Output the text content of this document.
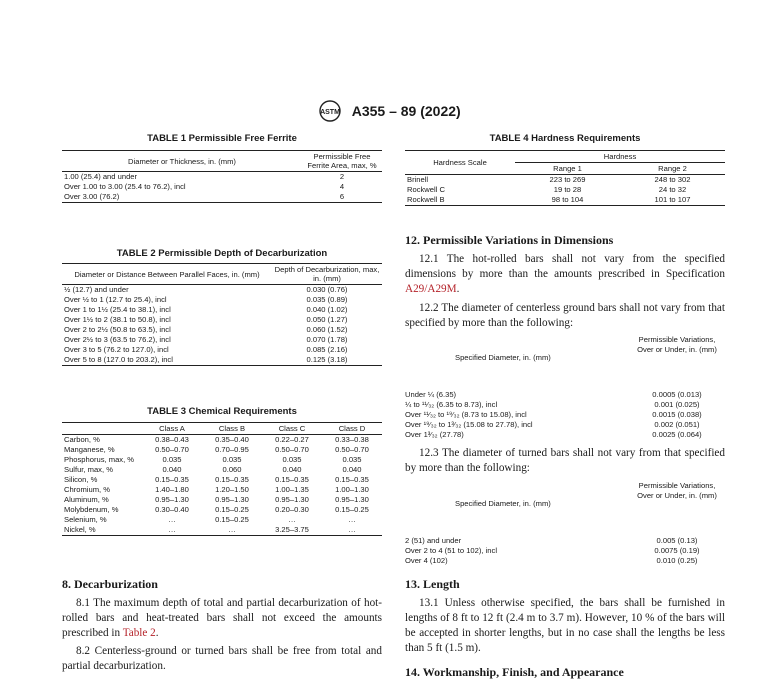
ASTM A355 – 89 (2022)
TABLE 1 Permissible Free Ferrite
Diameter or Thickness, in. (mm)	Permissible Free Ferrite Area, max, %
1.00 (25.4) and under	2
Over 1.00 to 3.00 (25.4 to 76.2), incl	4
Over 3.00 (76.2)	6
TABLE 2 Permissible Depth of Decarburization
Diameter or Distance Between Parallel Faces, in. (mm)	Depth of Decarburization, max, in. (mm)
½ (12.7) and under	0.030 (0.76)
Over ½ to 1 (12.7 to 25.4), incl	0.035 (0.89)
Over 1 to 1½ (25.4 to 38.1), incl	0.040 (1.02)
Over 1½ to 2 (38.1 to 50.8), incl	0.050 (1.27)
Over 2 to 2½ (50.8 to 63.5), incl	0.060 (1.52)
Over 2½ to 3 (63.5 to 76.2), incl	0.070 (1.78)
Over 3 to 5 (76.2 to 127.0), incl	0.085 (2.16)
Over 5 to 8 (127.0 to 203.2), incl	0.125 (3.18)
TABLE 3 Chemical Requirements
	Class A	Class B	Class C	Class D
Carbon, %	0.38–0.43	0.35–0.40	0.22–0.27	0.33–0.38
Manganese, %	0.50–0.70	0.70–0.95	0.50–0.70	0.50–0.70
Phosphorus, max, %	0.035	0.035	0.035	0.035
Sulfur, max, %	0.040	0.060	0.040	0.040
Silicon, %	0.15–0.35	0.15–0.35	0.15–0.35	0.15–0.35
Chromium, %	1.40–1.80	1.20–1.50	1.00–1.35	1.00–1.30
Aluminum, %	0.95–1.30	0.95–1.30	0.95–1.30	0.95–1.30
Molybdenum, %	0.30–0.40	0.15–0.25	0.20–0.30	0.15–0.25
Selenium, %	…	0.15–0.25	…	…
Nickel, %	…	…	3.25–3.75	…
8. Decarburization
8.1 The maximum depth of total and partial decarburization of hot-rolled bars and heat-treated bars shall not exceed the amounts prescribed in Table 2.
8.2 Centerless-ground or turned bars shall be free from total and partial decarburization.
TABLE 4 Hardness Requirements
Hardness Scale	Hardness	
	Range 1	Range 2
Brinell	223 to 269	248 to 302
Rockwell C	19 to 28	24 to 32
Rockwell B	98 to 104	101 to 107
12. Permissible Variations in Dimensions
12.1 The hot-rolled bars shall not vary from the specified dimensions by more than the amounts prescribed in Specification A29/A29M.
12.2 The diameter of centerless ground bars shall not vary from that specified by more than the following:
Specified Diameter, in. (mm)
Permissible Variations, Over or Under, in. (mm)
Under ¼ (6.35)	0.0005 (0.013)
¼ to ¹¹⁄₃₂ (6.35 to 8.73), incl	0.001 (0.025)
Over ¹¹⁄₃₂ to ¹⁹⁄₃₂ (8.73 to 15.08), incl	0.0015 (0.038)
Over ¹⁹⁄₃₂ to 1³⁄₃₂ (15.08 to 27.78), incl	0.002 (0.051)
Over 1³⁄₃₂ (27.78)	0.0025 (0.064)
12.3 The diameter of turned bars shall not vary from that specified by more than the following:
Specified Diameter, in. (mm)
Permissible Variations, Over or Under, in. (mm)
2 (51) and under	0.005 (0.13)
Over 2 to 4 (51 to 102), incl	0.0075 (0.19)
Over 4 (102)	0.010 (0.25)
13. Length
13.1 Unless otherwise specified, the bars shall be furnished in lengths of 8 ft to 12 ft (2.4 m to 3.7 m). However, 10 % of the bars will be accepted in shorter lengths, but in no case shall the lengths be less than 5 ft (1.5 m).
14. Workmanship, Finish, and Appearance
